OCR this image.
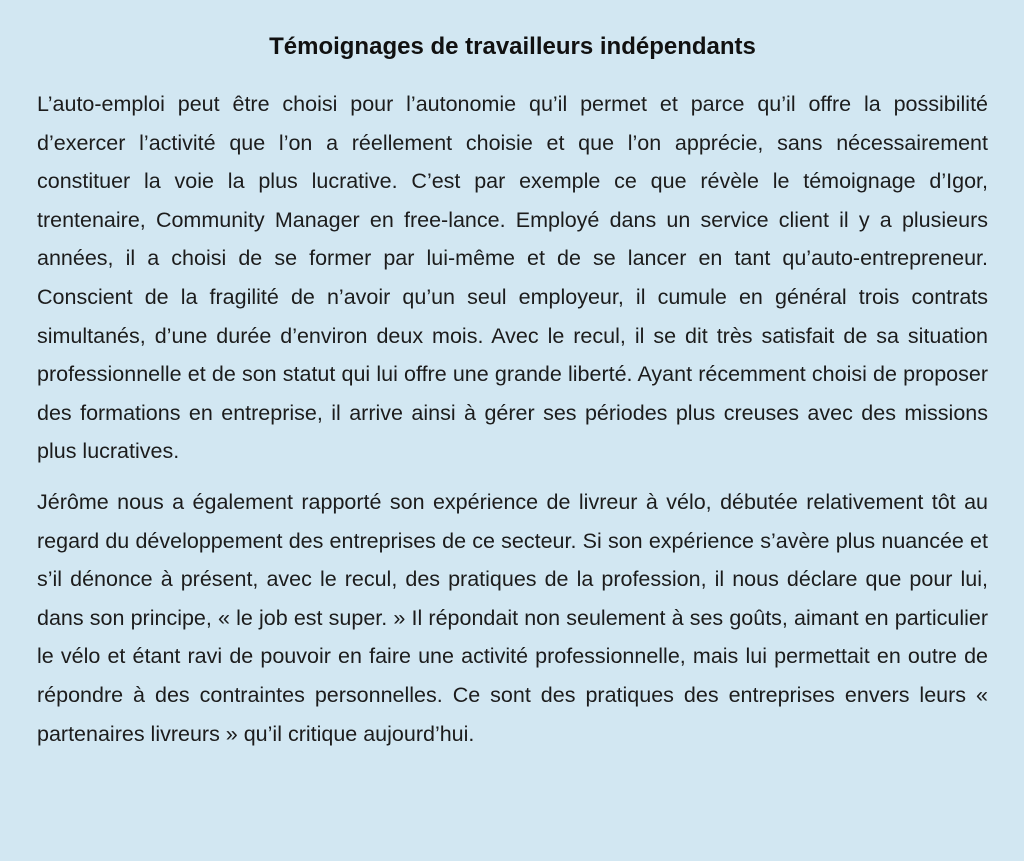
Témoignages de travailleurs indépendants

L’auto-emploi peut être choisi pour l’autonomie qu’il permet et parce qu’il offre la possibilité d’exercer l’activité que l’on a réellement choisie et que l’on apprécie, sans nécessairement constituer la voie la plus lucrative. C’est par exemple ce que révèle le témoignage d’Igor, trentenaire, Community Manager en free-lance. Employé dans un service client il y a plusieurs années, il a choisi de se former par lui-même et de se lancer en tant qu’auto-entrepreneur. Conscient de la fragilité de n’avoir qu’un seul employeur, il cumule en général trois contrats simultanés, d’une durée d’environ deux mois. Avec le recul, il se dit très satisfait de sa situation professionnelle et de son statut qui lui offre une grande liberté. Ayant récemment choisi de proposer des formations en entreprise, il arrive ainsi à gérer ses périodes plus creuses avec des missions plus lucratives.

Jérôme nous a également rapporté son expérience de livreur à vélo, débutée relativement tôt au regard du développement des entreprises de ce secteur. Si son expérience s’avère plus nuancée et s’il dénonce à présent, avec le recul, des pratiques de la profession, il nous déclare que pour lui, dans son principe, « le job est super. » Il répondait non seulement à ses goûts, aimant en particulier le vélo et étant ravi de pouvoir en faire une activité professionnelle, mais lui permettait en outre de répondre à des contraintes personnelles. Ce sont des pratiques des entreprises envers leurs « partenaires livreurs » qu’il critique aujourd’hui.
